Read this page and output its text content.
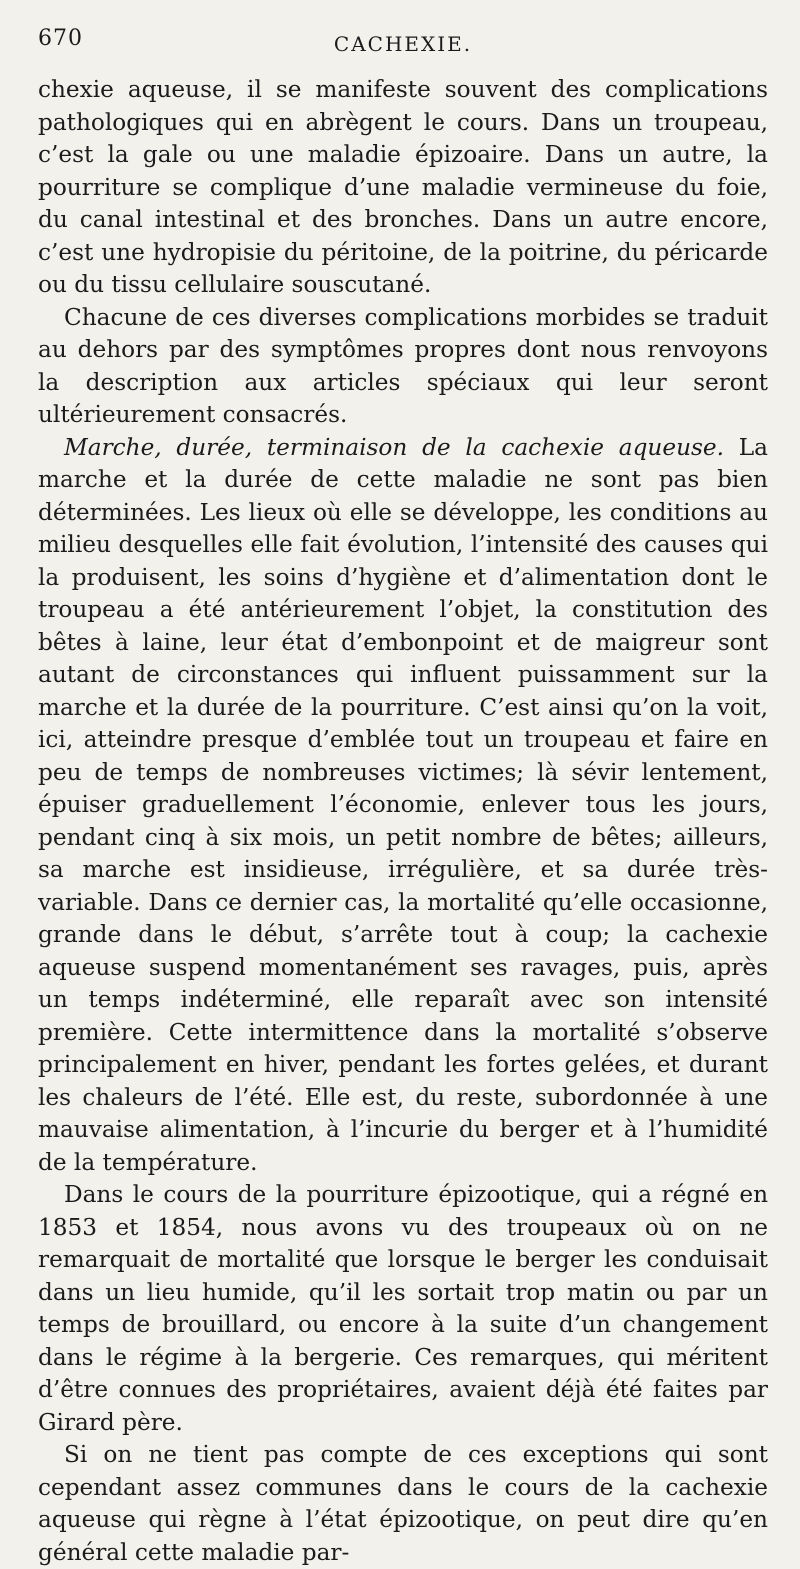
670	CACHEXIE.

chexie aqueuse, il se manifeste souvent des complications pathologiques qui en abrègent le cours. Dans un troupeau, c’est la gale ou une maladie épizoaire. Dans un autre, la pourriture se complique d’une maladie vermineuse du foie, du canal intestinal et des bronches. Dans un autre encore, c’est une hydropisie du péritoine, de la poitrine, du péricarde ou du tissu cellulaire souscutané.

Chacune de ces diverses complications morbides se traduit au dehors par des symptômes propres dont nous renvoyons la description aux articles spéciaux qui leur seront ultérieurement consacrés.

Marche, durée, terminaison de la cachexie aqueuse. La marche et la durée de cette maladie ne sont pas bien déterminées. Les lieux où elle se développe, les conditions au milieu desquelles elle fait évolution, l’intensité des causes qui la produisent, les soins d’hygiène et d’alimentation dont le troupeau a été antérieurement l’objet, la constitution des bêtes à laine, leur état d’embonpoint et de maigreur sont autant de circonstances qui influent puissamment sur la marche et la durée de la pourriture. C’est ainsi qu’on la voit, ici, atteindre presque d’emblée tout un troupeau et faire en peu de temps de nombreuses victimes; là sévir lentement, épuiser graduellement l’économie, enlever tous les jours, pendant cinq à six mois, un petit nombre de bêtes; ailleurs, sa marche est insidieuse, irrégulière, et sa durée très-variable. Dans ce dernier cas, la mortalité qu’elle occasionne, grande dans le début, s’arrête tout à coup; la cachexie aqueuse suspend momentanément ses ravages, puis, après un temps indéterminé, elle reparaît avec son intensité première. Cette intermittence dans la mortalité s’observe principalement en hiver, pendant les fortes gelées, et durant les chaleurs de l’été. Elle est, du reste, subordonnée à une mauvaise alimentation, à l’incurie du berger et à l’humidité de la température.

Dans le cours de la pourriture épizootique, qui a régné en 1853 et 1854, nous avons vu des troupeaux où on ne remarquait de mortalité que lorsque le berger les conduisait dans un lieu humide, qu’il les sortait trop matin ou par un temps de brouillard, ou encore à la suite d’un changement dans le régime à la bergerie. Ces remarques, qui méritent d’être connues des propriétaires, avaient déjà été faites par Girard père.

Si on ne tient pas compte de ces exceptions qui sont cependant assez communes dans le cours de la cachexie aqueuse qui règne à l’état épizootique, on peut dire qu’en général cette maladie par-
